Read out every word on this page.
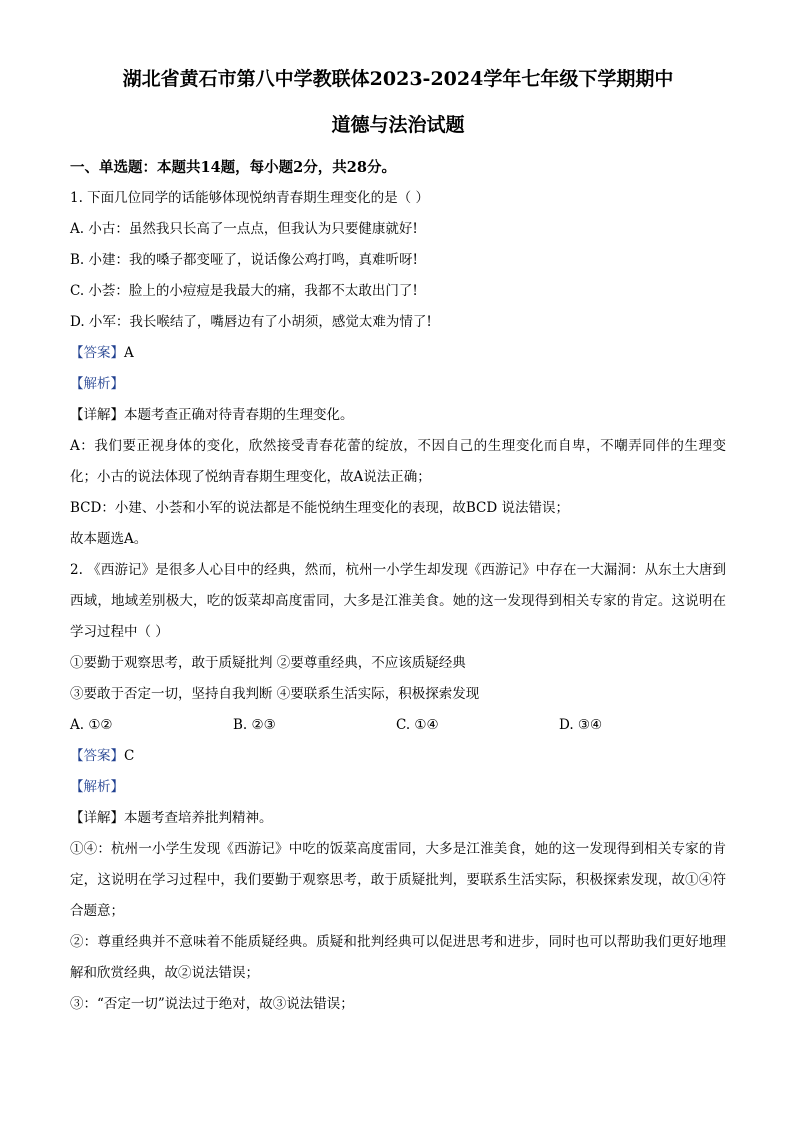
湖北省黄石市第八中学教联体2023-2024学年七年级下学期期中
道德与法治试题

一、单选题：本题共14题，每小题2分，共28分。

1. 下面几位同学的话能够体现悦纳青春期生理变化的是（ ）

A. 小古：虽然我只长高了一点点，但我认为只要健康就好!

B. 小建：我的嗓子都变哑了，说话像公鸡打鸣，真难听呀!

C. 小荟：脸上的小痘痘是我最大的痛，我都不太敢出门了!

D. 小军：我长喉结了，嘴唇边有了小胡须，感觉太难为情了!

【答案】A

【解析】

【详解】本题考查正确对待青春期的生理变化。

A：我们要正视身体的变化，欣然接受青春花蕾的绽放，不因自己的生理变化而自卑，不嘲弄同伴的生理变化；小古的说法体现了悦纳青春期生理变化，故A说法正确；

BCD：小建、小荟和小军的说法都是不能悦纳生理变化的表现，故BCD 说法错误；

故本题选A。

2. 《西游记》是很多人心目中的经典，然而，杭州一小学生却发现《西游记》中存在一大漏洞：从东土大唐到西域，地域差别极大，吃的饭菜却高度雷同，大多是江淮美食。她的这一发现得到相关专家的肯定。这说明在学习过程中（ ）

①要勤于观察思考，敢于质疑批判 ②要尊重经典，不应该质疑经典

③要敢于否定一切，坚持自我判断 ④要联系生活实际，积极探索发现

A. ①②	B. ②③	C. ①④	D. ③④

【答案】C

【解析】

【详解】本题考查培养批判精神。

①④：杭州一小学生发现《西游记》中吃的饭菜高度雷同，大多是江淮美食，她的这一发现得到相关专家的肯定，这说明在学习过程中，我们要勤于观察思考，敢于质疑批判，要联系生活实际，积极探索发现，故①④符合题意；

②：尊重经典并不意味着不能质疑经典。质疑和批判经典可以促进思考和进步，同时也可以帮助我们更好地理解和欣赏经典，故②说法错误；

③：“否定一切”说法过于绝对，故③说法错误；
